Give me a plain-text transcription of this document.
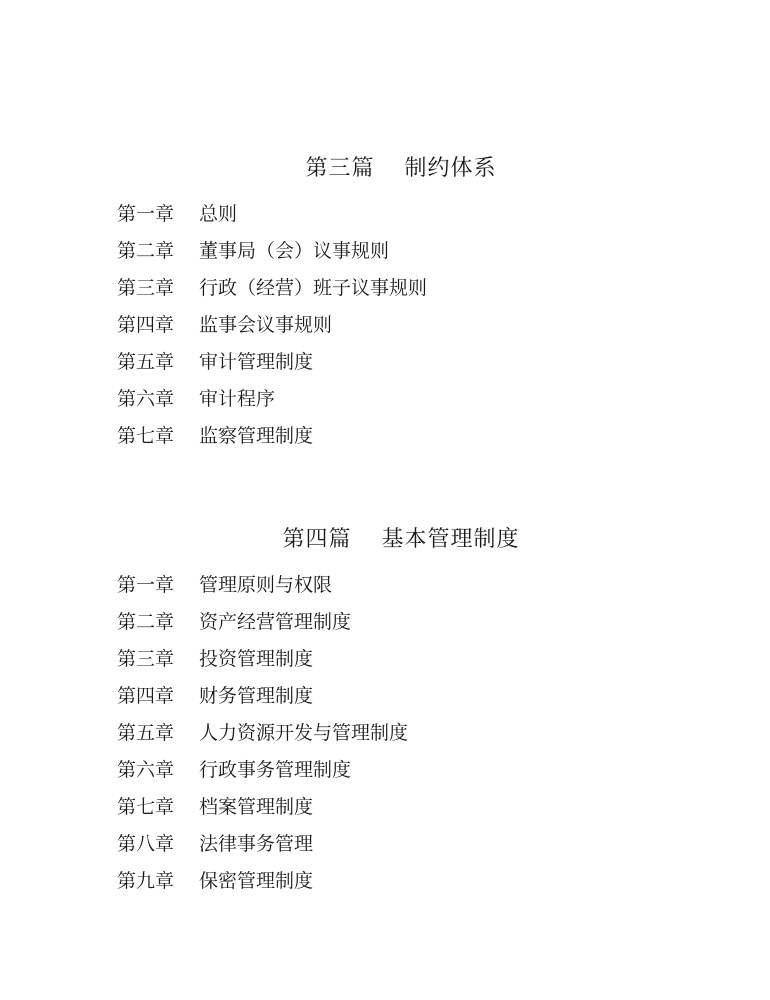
第三篇 制约体系

第一章 总则
第二章 董事局（会）议事规则
第三章 行政（经营）班子议事规则
第四章 监事会议事规则
第五章 审计管理制度
第六章 审计程序
第七章 监察管理制度

第四篇 基本管理制度

第一章 管理原则与权限
第二章 资产经营管理制度
第三章 投资管理制度
第四章 财务管理制度
第五章 人力资源开发与管理制度
第六章 行政事务管理制度
第七章 档案管理制度
第八章 法律事务管理
第九章 保密管理制度
